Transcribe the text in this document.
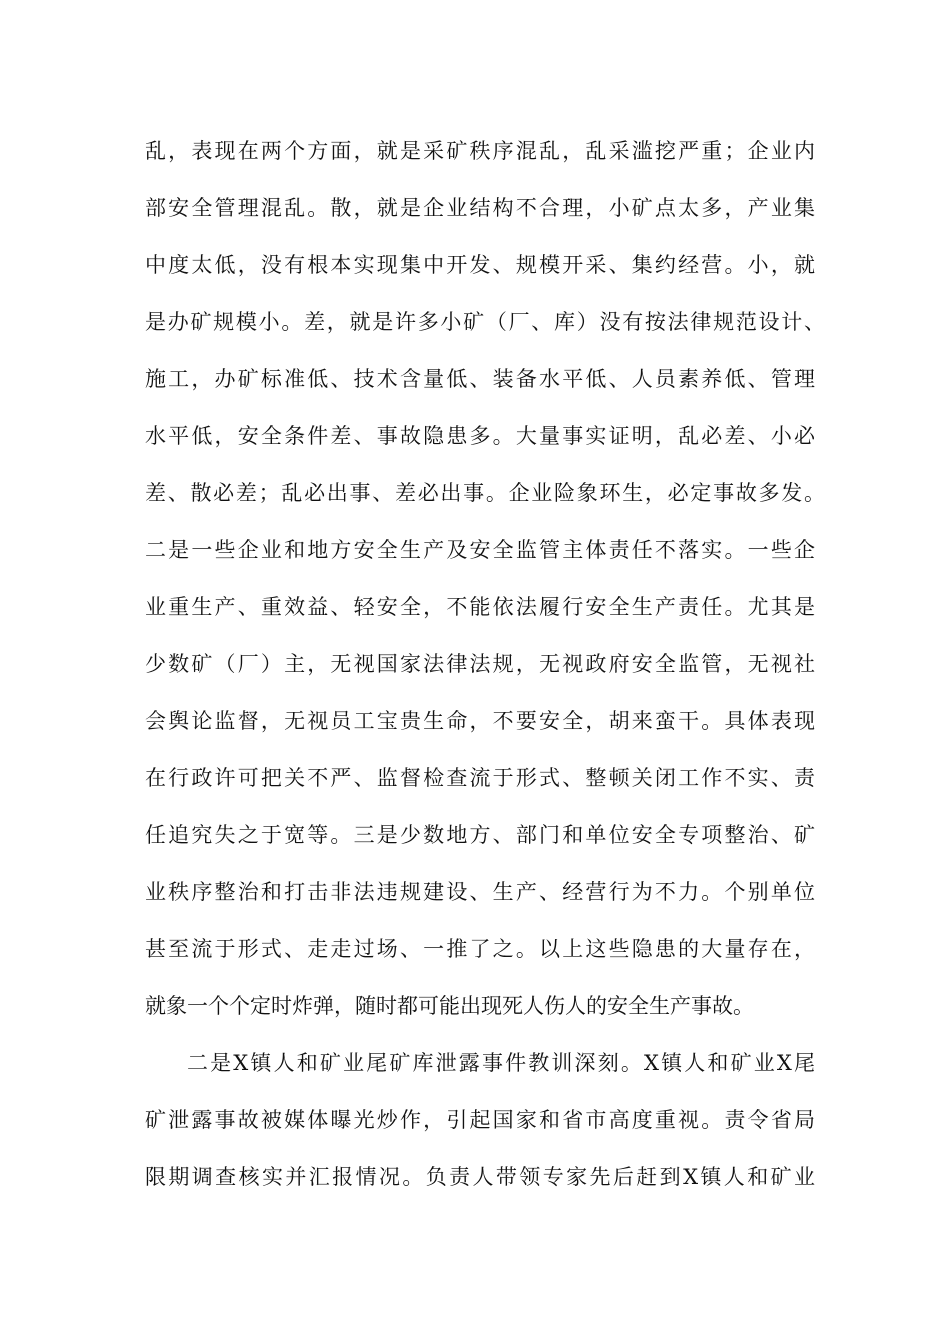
乱，表现在两个方面，就是采矿秩序混乱，乱采滥挖严重；企业内
部安全管理混乱。散，就是企业结构不合理，小矿点太多，产业集
中度太低，没有根本实现集中开发、规模开采、集约经营。小，就
是办矿规模小。差，就是许多小矿（厂、库）没有按法律规范设计、
施工，办矿标准低、技术含量低、装备水平低、人员素养低、管理
水平低，安全条件差、事故隐患多。大量事实证明，乱必差、小必
差、散必差；乱必出事、差必出事。企业险象环生，必定事故多发。
二是一些企业和地方安全生产及安全监管主体责任不落实。一些企
业重生产、重效益、轻安全，不能依法履行安全生产责任。尤其是
少数矿（厂）主，无视国家法律法规，无视政府安全监管，无视社
会舆论监督，无视员工宝贵生命，不要安全，胡来蛮干。具体表现
在行政许可把关不严、监督检查流于形式、整顿关闭工作不实、责
任追究失之于宽等。三是少数地方、部门和单位安全专项整治、矿
业秩序整治和打击非法违规建设、生产、经营行为不力。个别单位
甚至流于形式、走走过场、一推了之。以上这些隐患的大量存在，
就象一个个定时炸弹，随时都可能出现死人伤人的安全生产事故。
二是X镇人和矿业尾矿库泄露事件教训深刻。X镇人和矿业X尾
矿泄露事故被媒体曝光炒作，引起国家和省市高度重视。责令省局
限期调查核实并汇报情况。负责人带领专家先后赶到X镇人和矿业
